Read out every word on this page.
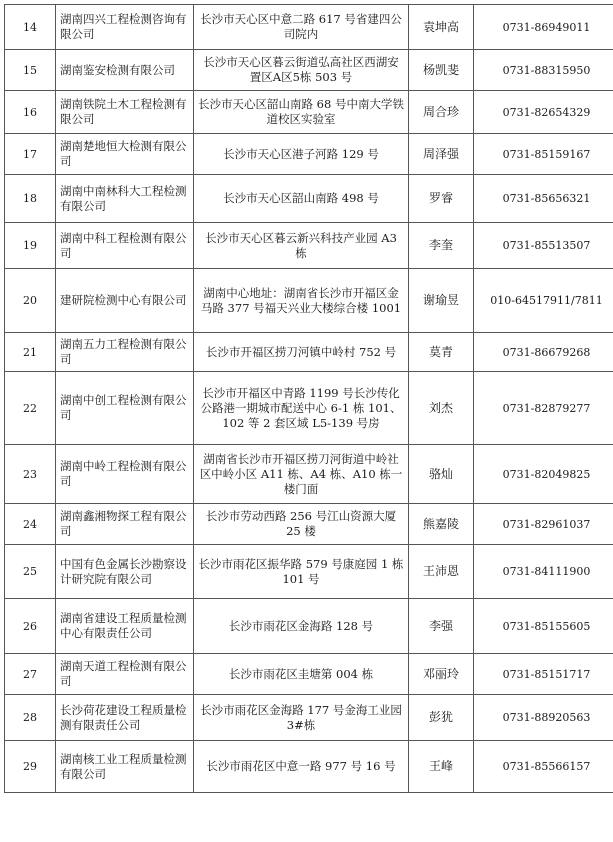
14	湖南四兴工程检测咨询有限公司	长沙市天心区中意二路 617 号省建四公司院内	袁坤高	0731-86949011
15	湖南鉴安检测有限公司	长沙市天心区暮云街道弘高社区西湖安置区A区5栋 503 号	杨凯斐	0731-88315950
16	湖南铁院土木工程检测有限公司	长沙市天心区韶山南路 68 号中南大学铁道校区实验室	周合珍	0731-82654329
17	湖南楚地恒大检测有限公司	长沙市天心区港子河路 129 号	周泽强	0731-85159167
18	湖南中南林科大工程检测有限公司	长沙市天心区韶山南路 498 号	罗睿	0731-85656321
19	湖南中科工程检测有限公司	长沙市天心区暮云新兴科技产业园 A3 栋	李奎	0731-85513507
20	建研院检测中心有限公司	湖南中心地址：湖南省长沙市开福区金马路 377 号福天兴业大楼综合楼 1001	谢瑜昱	010-64517911/7811
21	湖南五力工程检测有限公司	长沙市开福区捞刀河镇中岭村 752 号	莫青	0731-86679268
22	湖南中创工程检测有限公司	长沙市开福区中青路 1199 号长沙传化公路港一期城市配送中心 6-1 栋 101、102 等 2 套区域 L5-139 号房	刘杰	0731-82879277
23	湖南中岭工程检测有限公司	湖南省长沙市开福区捞刀河街道中岭社区中岭小区 A11 栋、A4 栋、A10 栋一楼门面	骆灿	0731-82049825
24	湖南鑫湘物探工程有限公司	长沙市劳动西路 256 号江山资源大厦 25 楼	熊嘉陵	0731-82961037
25	中国有色金属长沙勘察设计研究院有限公司	长沙市雨花区振华路 579 号康庭园 1 栋 101 号	王沛恩	0731-84111900
26	湖南省建设工程质量检测中心有限责任公司	长沙市雨花区金海路 128 号	李强	0731-85155605
27	湖南天道工程检测有限公司	长沙市雨花区圭塘第 004 栋	邓丽玲	0731-85151717
28	长沙荷花建设工程质量检测有限责任公司	长沙市雨花区金海路 177 号金海工业园 3#栋	彭犹	0731-88920563
29	湖南核工业工程质量检测有限公司	长沙市雨花区中意一路 977 号 16 号	王峰	0731-85566157
